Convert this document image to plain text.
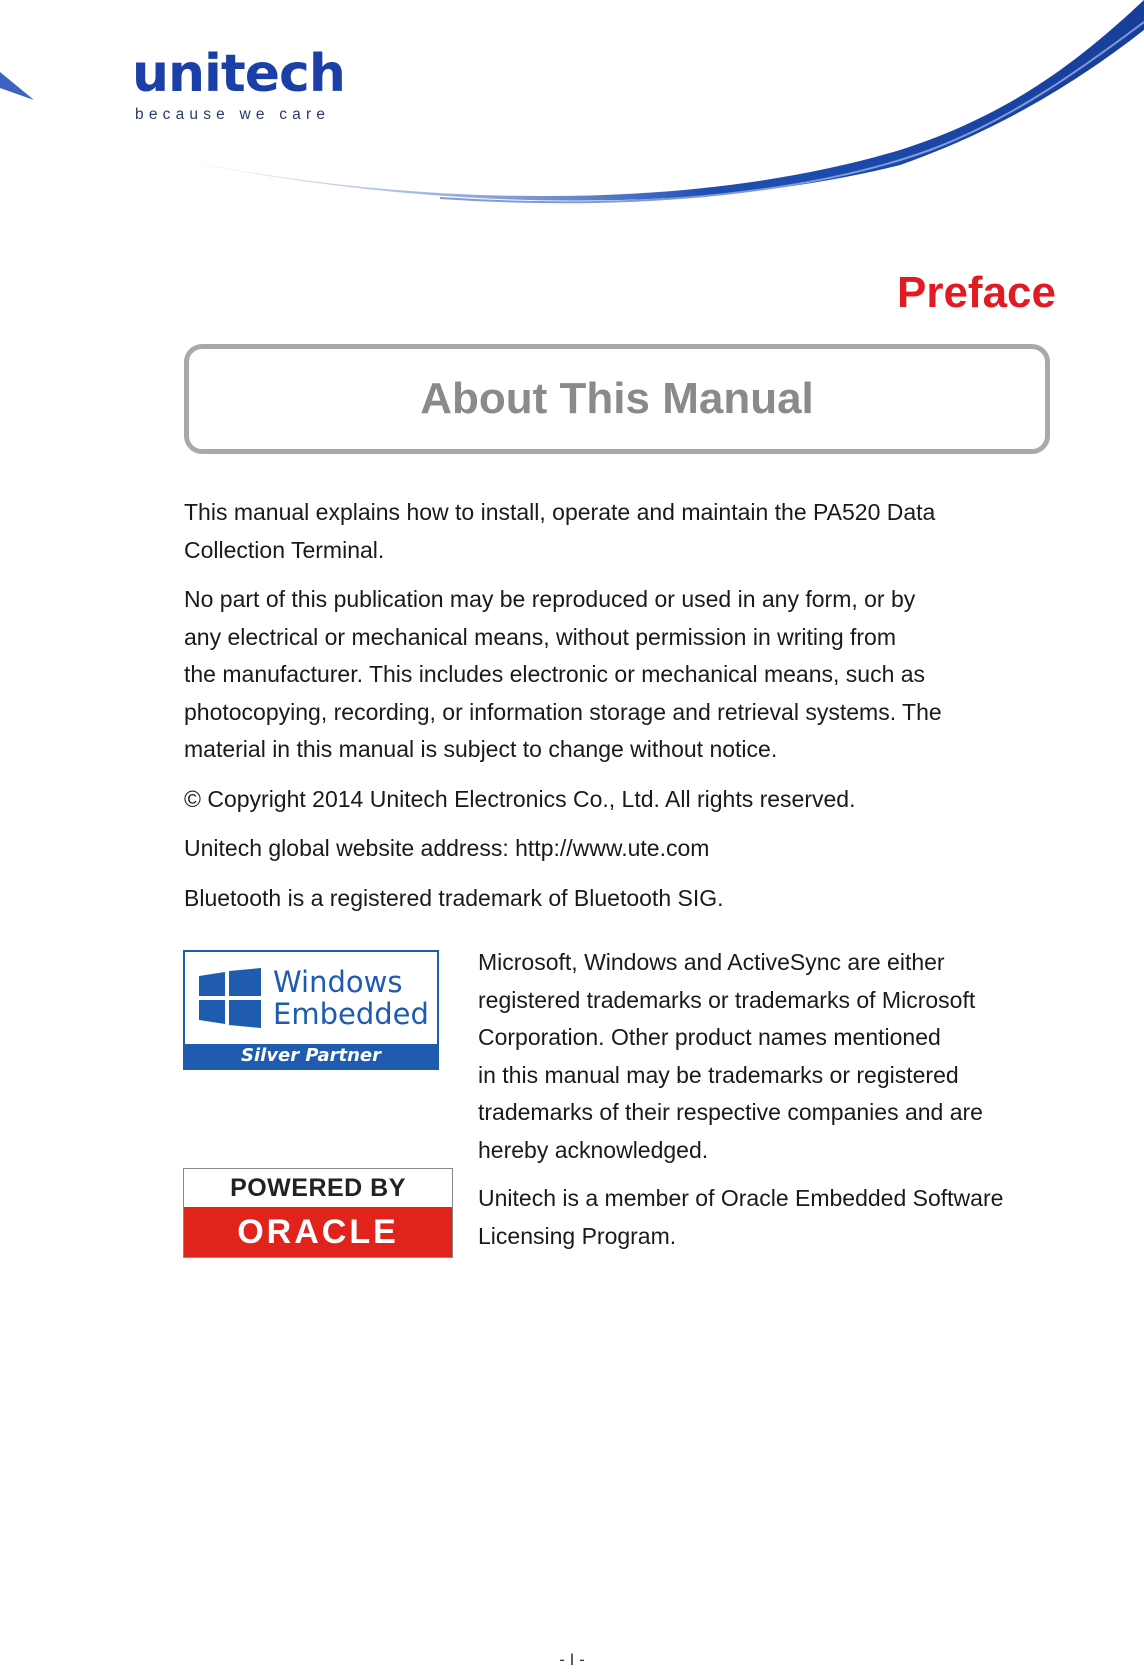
unitech
because we care
Preface
About This Manual

This manual explains how to install, operate and maintain the PA520 Data
Collection Terminal.

No part of this publication may be reproduced or used in any form, or by
any electrical or mechanical means, without permission in writing from
the manufacturer. This includes electronic or mechanical means, such as
photocopying, recording, or information storage and retrieval systems. The
material in this manual is subject to change without notice.

© Copyright 2014 Unitech Electronics Co., Ltd. All rights reserved.

Unitech global website address: http://www.ute.com

Bluetooth is a registered trademark of Bluetooth SIG.

Windows
Embedded
Silver Partner

Microsoft, Windows and ActiveSync are either
registered trademarks or trademarks of Microsoft
Corporation. Other product names mentioned
in this manual may be trademarks or registered
trademarks of their respective companies and are
hereby acknowledged.

POWERED BY
ORACLE

Unitech is a member of Oracle Embedded Software
Licensing Program.

- I -
